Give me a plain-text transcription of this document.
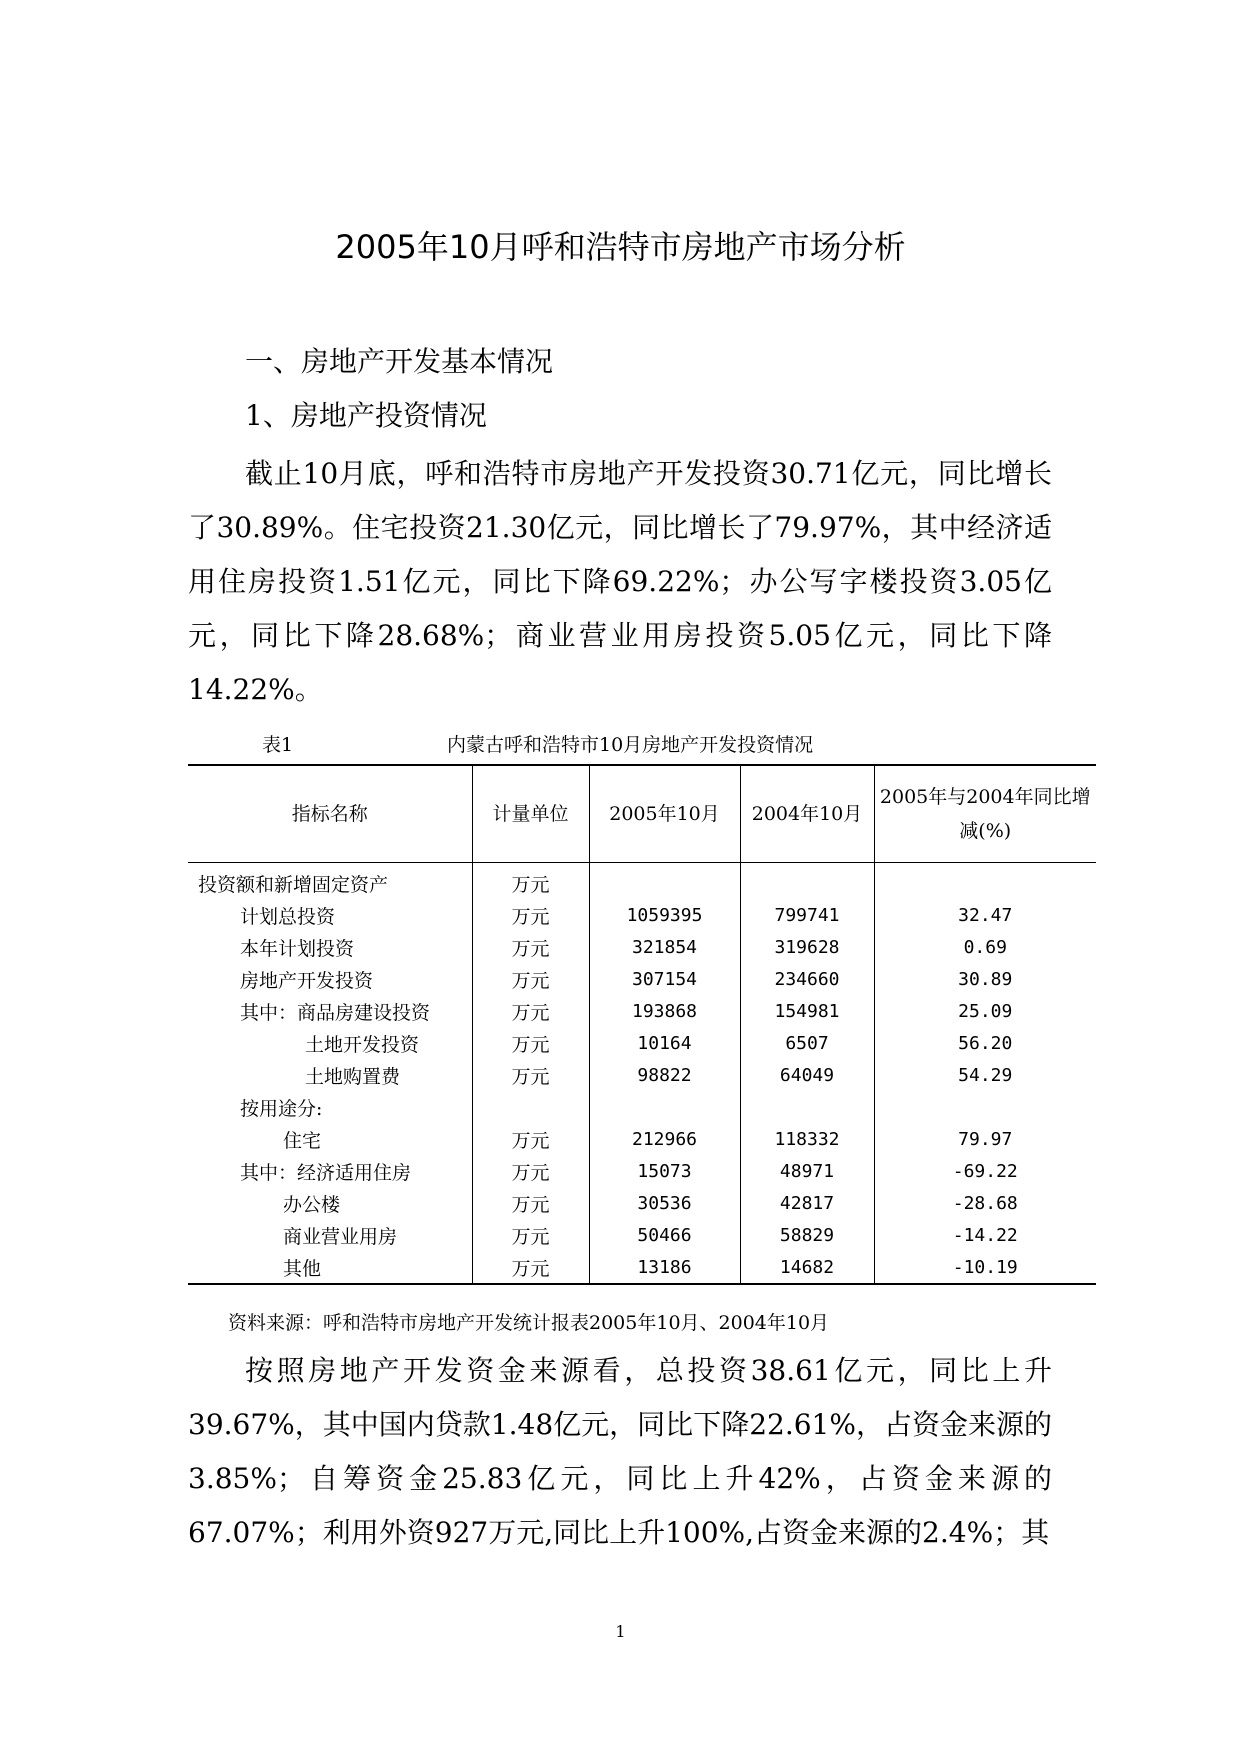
2005年10月呼和浩特市房地产市场分析
一、房地产开发基本情况
1、房地产投资情况
截止10月底，呼和浩特市房地产开发投资30.71亿元，同比增长了30.89%。住宅投资21.30亿元，同比增长了79.97%，其中经济适用住房投资1.51亿元，同比下降69.22%；办公写字楼投资3.05亿元，同比下降28.68%；商业营业用房投资5.05亿元，同比下降14.22%。
表1	内蒙古呼和浩特市10月房地产开发投资情况
指标名称	计量单位	2005年10月	2004年10月	2005年与2004年同比增减(%)
投资额和新增固定资产	万元			
计划总投资	万元	1059395	799741	32.47
本年计划投资	万元	321854	319628	0.69
房地产开发投资	万元	307154	234660	30.89
其中：商品房建设投资	万元	193868	154981	25.09
土地开发投资	万元	10164	6507	56.20
土地购置费	万元	98822	64049	54.29
按用途分:				
住宅	万元	212966	118332	79.97
其中：经济适用住房	万元	15073	48971	-69.22
办公楼	万元	30536	42817	-28.68
商业营业用房	万元	50466	58829	-14.22
其他	万元	13186	14682	-10.19
资料来源：呼和浩特市房地产开发统计报表2005年10月、2004年10月
按照房地产开发资金来源看，总投资38.61亿元，同比上升39.67%，其中国内贷款1.48亿元，同比下降22.61%，占资金来源的3.85%；自筹资金25.83亿元，同比上升42%，占资金来源的67.07%；利用外资927万元,同比上升100%,占资金来源的2.4%；其
1
